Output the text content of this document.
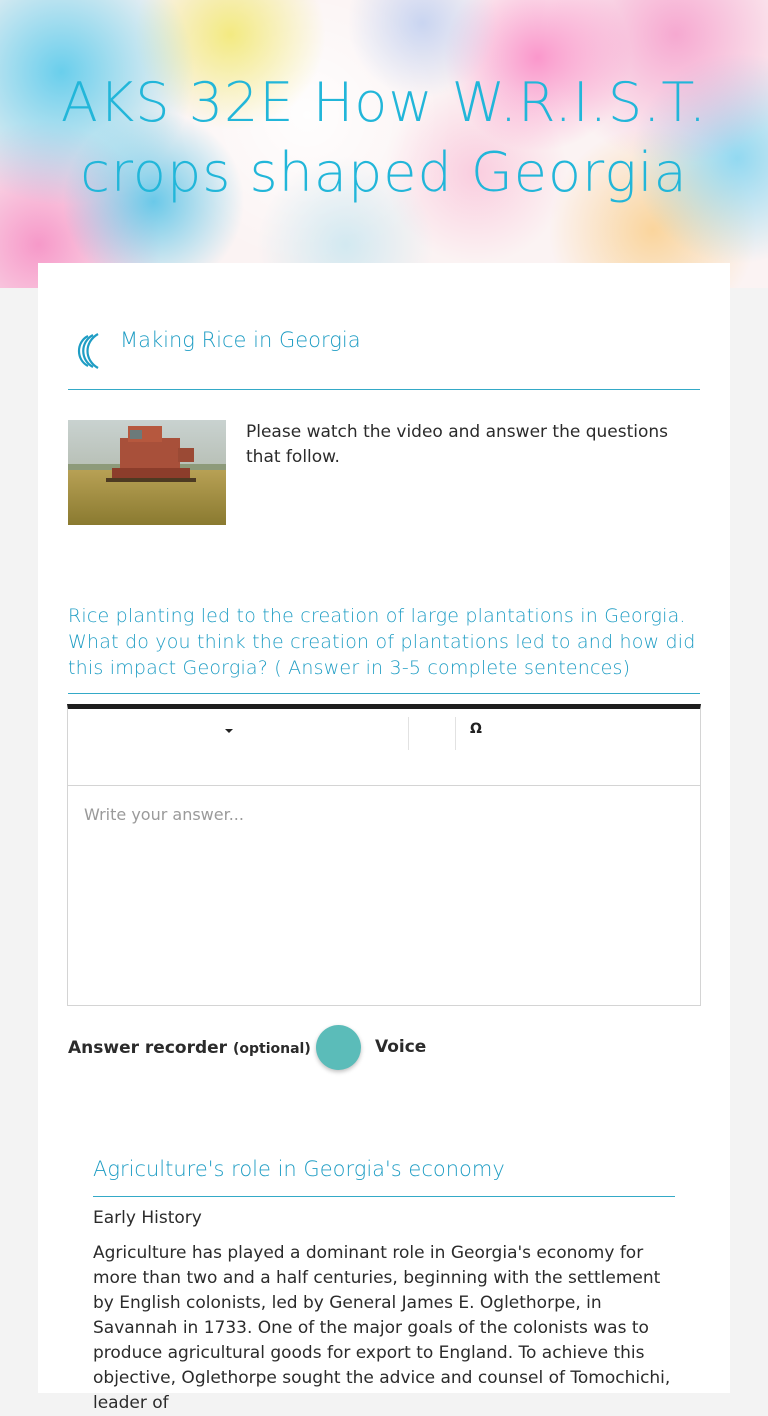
AKS 32E How W.R.I.S.T. crops shaped Georgia
Making Rice in Georgia
Please watch the video and answer the questions that follow.
Rice planting led to the creation of large plantations in Georgia. What do you think the creation of plantations led to and how did this impact Georgia? ( Answer in 3-5 complete sentences)
Ω
Write your answer...
Answer recorder (optional)	Voice
Agriculture's role in Georgia's economy
Early History
Agriculture has played a dominant role in Georgia's economy for more than two and a half centuries, beginning with the settlement by English colonists, led by General James E. Oglethorpe, in Savannah in 1733. One of the major goals of the colonists was to produce agricultural goods for export to England. To achieve this objective, Oglethorpe sought the advice and counsel of Tomochichi, leader of
